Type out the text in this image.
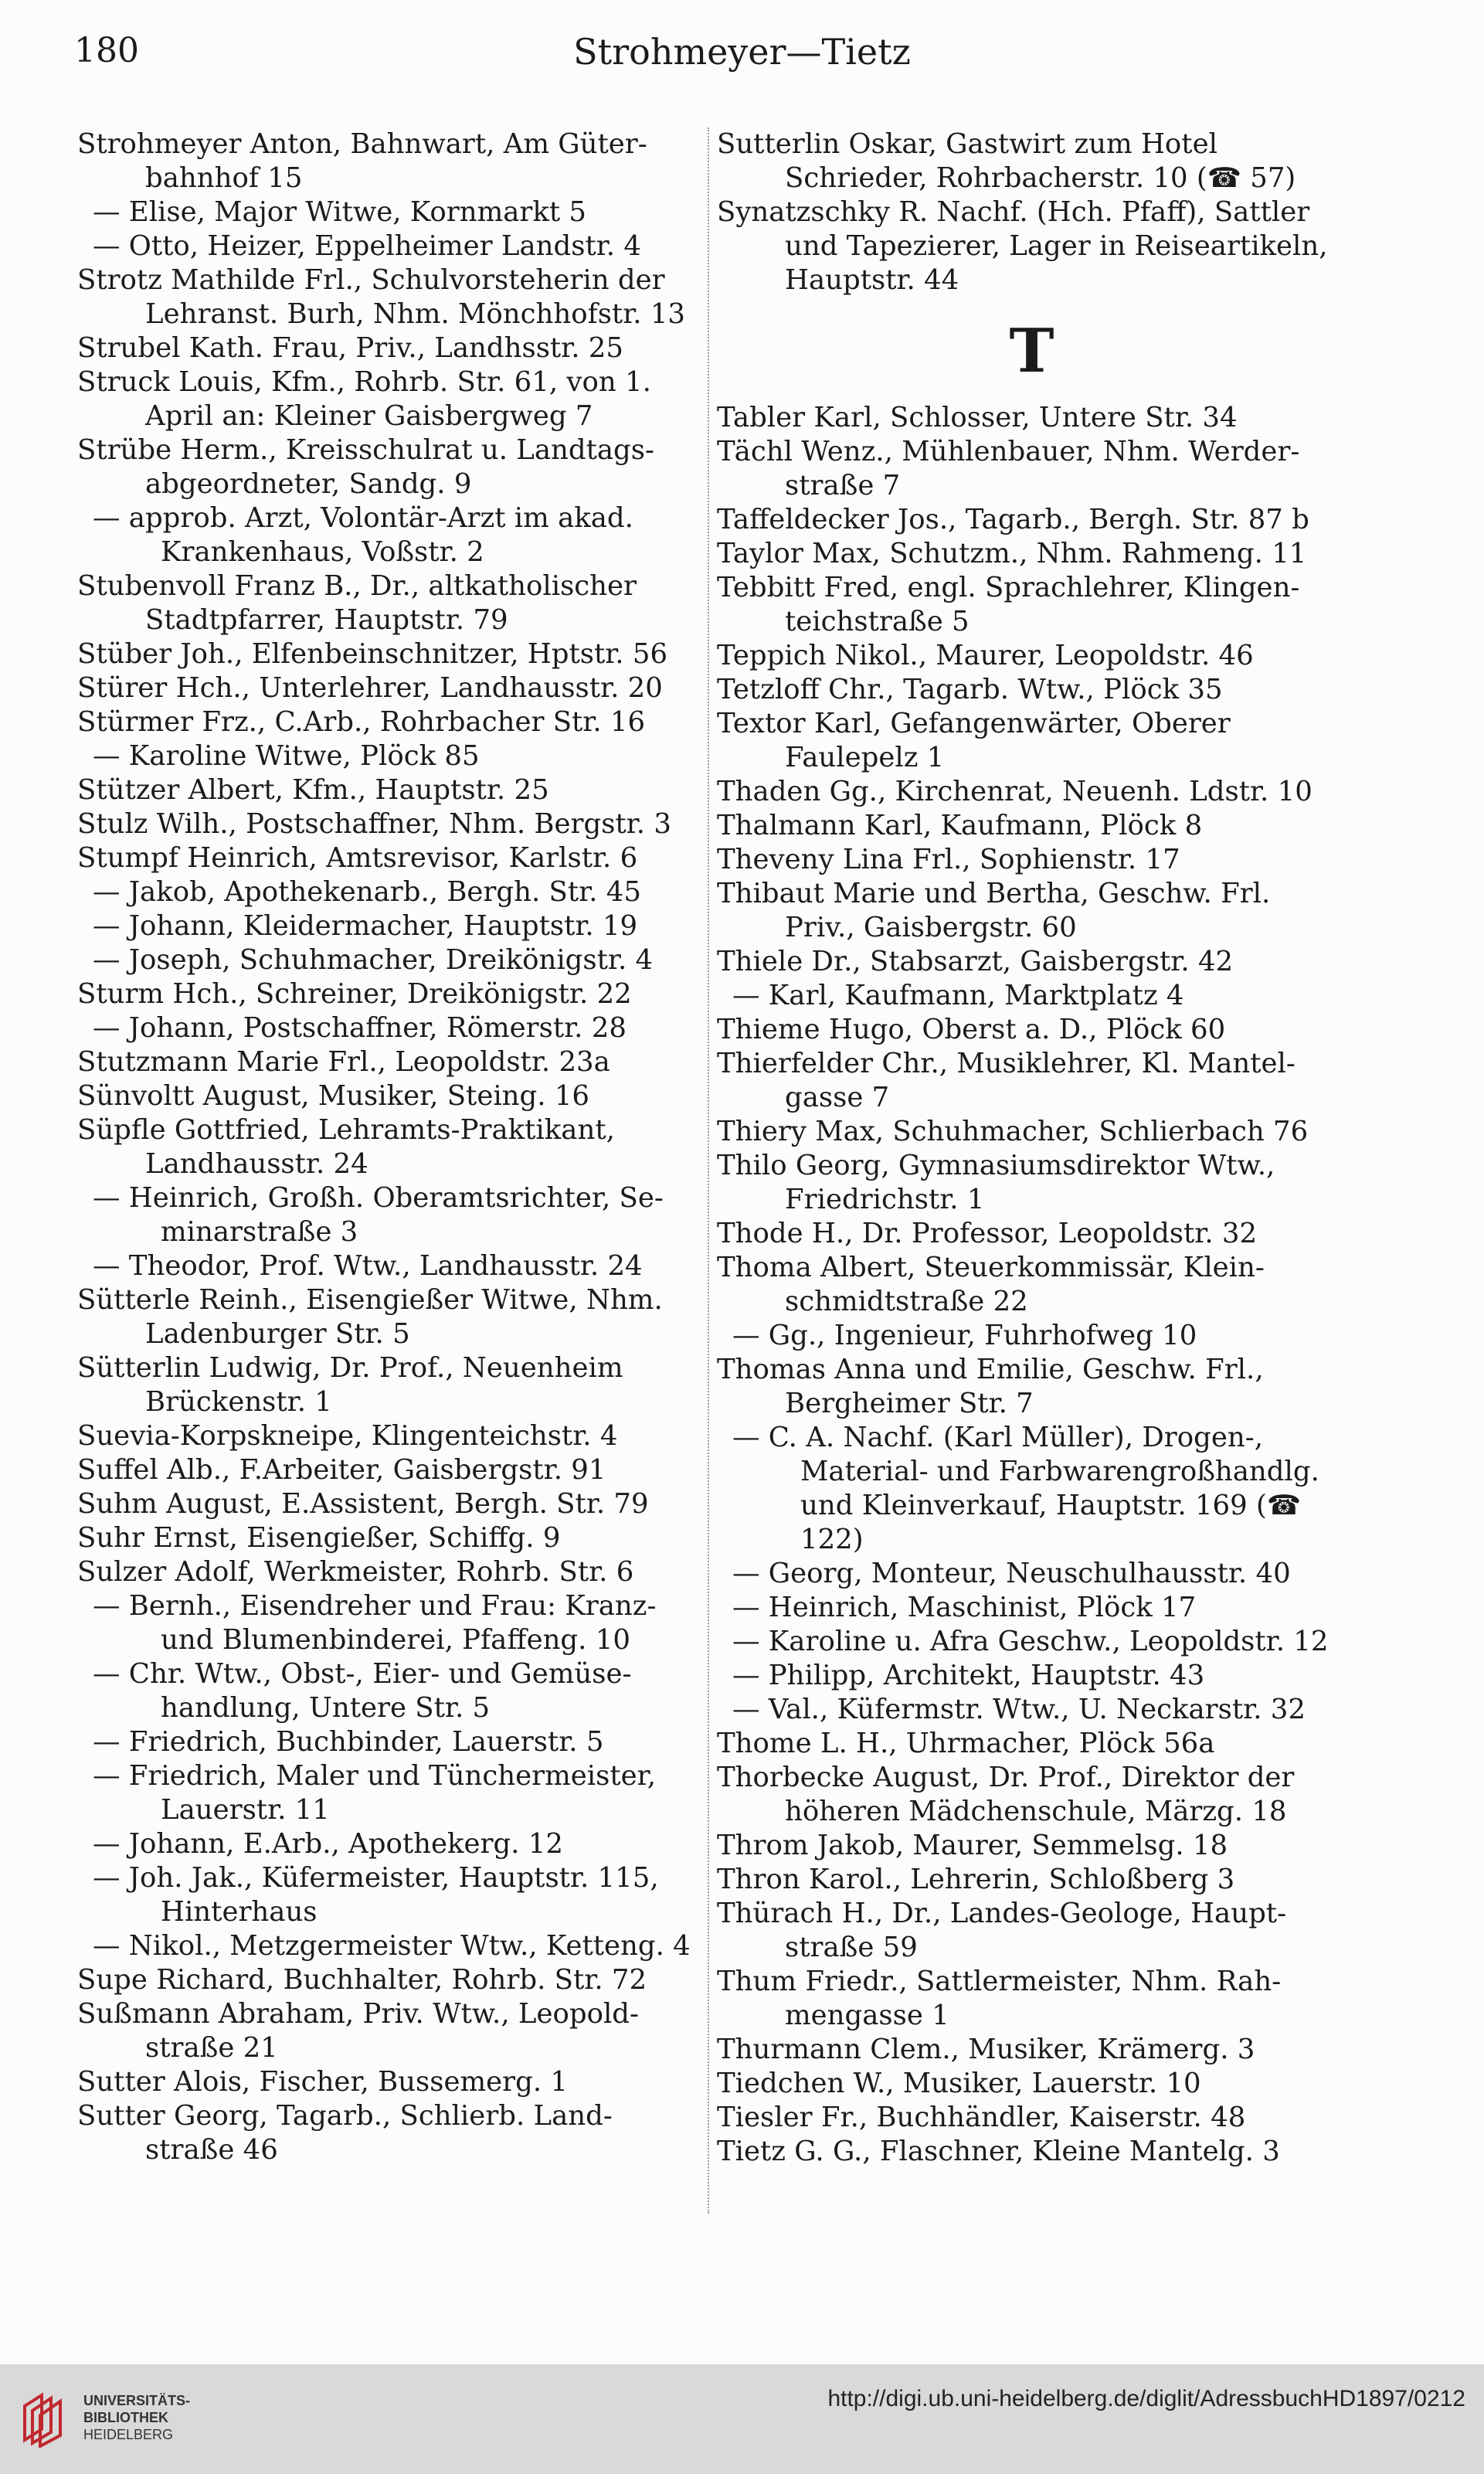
180	Strohmeyer—Tietz

Strohmeyer Anton, Bahnwart, Am Güter-bahnhof 15

— Elise, Major Witwe, Kornmarkt 5

— Otto, Heizer, Eppelheimer Landstr. 4

Strotz Mathilde Frl., Schulvorsteherin der Lehranst. Burh, Nhm. Mönchhofstr. 13

Strubel Kath. Frau, Priv., Landhsstr. 25

Struck Louis, Kfm., Rohrb. Str. 61, von 1. April an: Kleiner Gaisbergweg 7

Strübe Herm., Kreisschulrat u. Landtags-abgeordneter, Sandg. 9

— approb. Arzt, Volontär-Arzt im akad. Krankenhaus, Voßstr. 2

Stubenvoll Franz B., Dr., altkatholischer Stadtpfarrer, Hauptstr. 79

Stüber Joh., Elfenbeinschnitzer, Hptstr. 56

Stürer Hch., Unterlehrer, Landhausstr. 20

Stürmer Frz., C.Arb., Rohrbacher Str. 16

— Karoline Witwe, Plöck 85

Stützer Albert, Kfm., Hauptstr. 25

Stulz Wilh., Postschaffner, Nhm. Bergstr. 3

Stumpf Heinrich, Amtsrevisor, Karlstr. 6

— Jakob, Apothekenarb., Bergh. Str. 45

— Johann, Kleidermacher, Hauptstr. 19

— Joseph, Schuhmacher, Dreikönigstr. 4

Sturm Hch., Schreiner, Dreikönigstr. 22

— Johann, Postschaffner, Römerstr. 28

Stutzmann Marie Frl., Leopoldstr. 23a

Sünvoltt August, Musiker, Steing. 16

Süpfle Gottfried, Lehramts-Praktikant, Landhausstr. 24

— Heinrich, Großh. Oberamtsrichter, Se-minarstraße 3

— Theodor, Prof. Wtw., Landhausstr. 24

Sütterle Reinh., Eisengießer Witwe, Nhm. Ladenburger Str. 5

Sütterlin Ludwig, Dr. Prof., Neuenheim Brückenstr. 1

Suevia-Korpskneipe, Klingenteichstr. 4

Suffel Alb., F.Arbeiter, Gaisbergstr. 91

Suhm August, E.Assistent, Bergh. Str. 79

Suhr Ernst, Eisengießer, Schiffg. 9

Sulzer Adolf, Werkmeister, Rohrb. Str. 6

— Bernh., Eisendreher und Frau: Kranz- und Blumenbinderei, Pfaffeng. 10

— Chr. Wtw., Obst-, Eier- und Gemüse-handlung, Untere Str. 5

— Friedrich, Buchbinder, Lauerstr. 5

— Friedrich, Maler und Tünchermeister, Lauerstr. 11

— Johann, E.Arb., Apothekerg. 12

— Joh. Jak., Küfermeister, Hauptstr. 115, Hinterhaus

— Nikol., Metzgermeister Wtw., Ketteng. 4

Supe Richard, Buchhalter, Rohrb. Str. 72

Sußmann Abraham, Priv. Wtw., Leopold-straße 21

Sutter Alois, Fischer, Bussemerg. 1

Sutter Georg, Tagarb., Schlierb. Land-straße 46

Sutterlin Oskar, Gastwirt zum Hotel Schrieder, Rohrbacherstr. 10 (☎ 57)

Synatzschky R. Nachf. (Hch. Pfaff), Sattler und Tapezierer, Lager in Reiseartikeln, Hauptstr. 44

T

Tabler Karl, Schlosser, Untere Str. 34

Tächl Wenz., Mühlenbauer, Nhm. Werder-straße 7

Taffeldecker Jos., Tagarb., Bergh. Str. 87 b

Taylor Max, Schutzm., Nhm. Rahmeng. 11

Tebbitt Fred, engl. Sprachlehrer, Klingen-teichstraße 5

Teppich Nikol., Maurer, Leopoldstr. 46

Tetzloff Chr., Tagarb. Wtw., Plöck 35

Textor Karl, Gefangenwärter, Oberer Faulepelz 1

Thaden Gg., Kirchenrat, Neuenh. Ldstr. 10

Thalmann Karl, Kaufmann, Plöck 8

Theveny Lina Frl., Sophienstr. 17

Thibaut Marie und Bertha, Geschw. Frl. Priv., Gaisbergstr. 60

Thiele Dr., Stabsarzt, Gaisbergstr. 42

— Karl, Kaufmann, Marktplatz 4

Thieme Hugo, Oberst a. D., Plöck 60

Thierfelder Chr., Musiklehrer, Kl. Mantel-gasse 7

Thiery Max, Schuhmacher, Schlierbach 76

Thilo Georg, Gymnasiumsdirektor Wtw., Friedrichstr. 1

Thode H., Dr. Professor, Leopoldstr. 32

Thoma Albert, Steuerkommissär, Klein-schmidtstraße 22

— Gg., Ingenieur, Fuhrhofweg 10

Thomas Anna und Emilie, Geschw. Frl., Bergheimer Str. 7

— C. A. Nachf. (Karl Müller), Drogen-, Material- und Farbwarengroßhandlg. und Kleinverkauf, Hauptstr. 169 (☎ 122)

— Georg, Monteur, Neuschulhausstr. 40

— Heinrich, Maschinist, Plöck 17

— Karoline u. Afra Geschw., Leopoldstr. 12

— Philipp, Architekt, Hauptstr. 43

— Val., Küfermstr. Wtw., U. Neckarstr. 32

Thome L. H., Uhrmacher, Plöck 56a

Thorbecke August, Dr. Prof., Direktor der höheren Mädchenschule, Märzg. 18

Throm Jakob, Maurer, Semmelsg. 18

Thron Karol., Lehrerin, Schloßberg 3

Thürach H., Dr., Landes-Geologe, Haupt-straße 59

Thum Friedr., Sattlermeister, Nhm. Rah-mengasse 1

Thurmann Clem., Musiker, Krämerg. 3

Tiedchen W., Musiker, Lauerstr. 10

Tiesler Fr., Buchhändler, Kaiserstr. 48

Tietz G. G., Flaschner, Kleine Mantelg. 3

UNIVERSITÄTS-
BIBLIOTHEK
HEIDELBERG
http://digi.ub.uni-heidelberg.de/diglit/AdressbuchHD1897/0212
